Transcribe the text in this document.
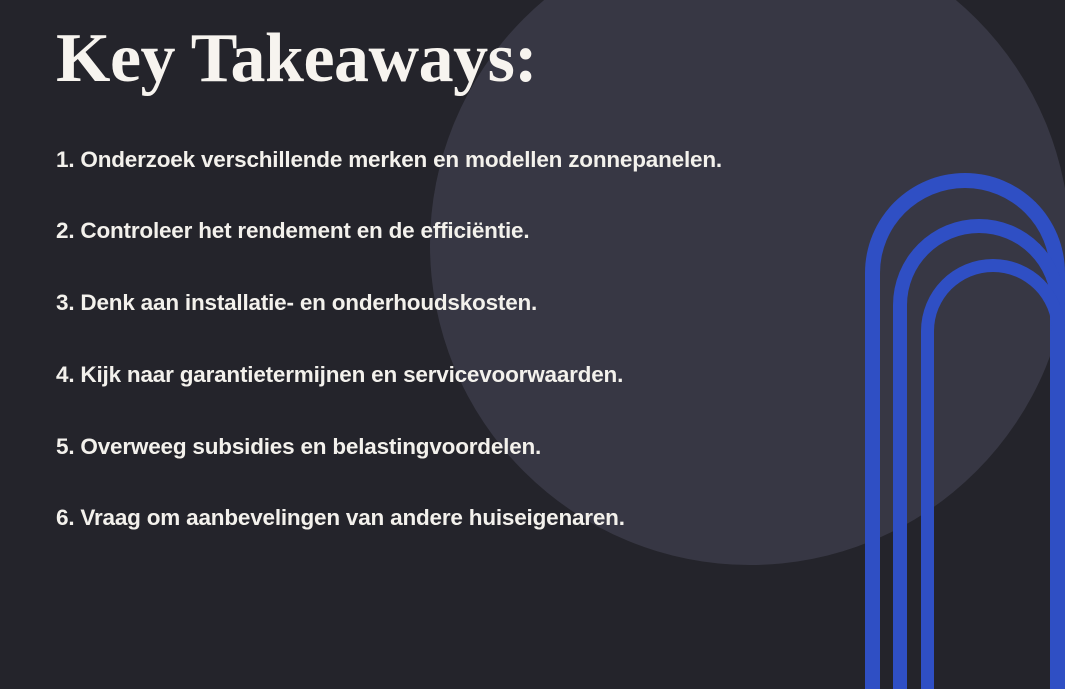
Key Takeaways:
1. Onderzoek verschillende merken en modellen zonnepanelen.
2. Controleer het rendement en de efficiëntie.
3. Denk aan installatie- en onderhoudskosten.
4. Kijk naar garantietermijnen en servicevoorwaarden.
5. Overweeg subsidies en belastingvoordelen.
6. Vraag om aanbevelingen van andere huiseigenaren.
